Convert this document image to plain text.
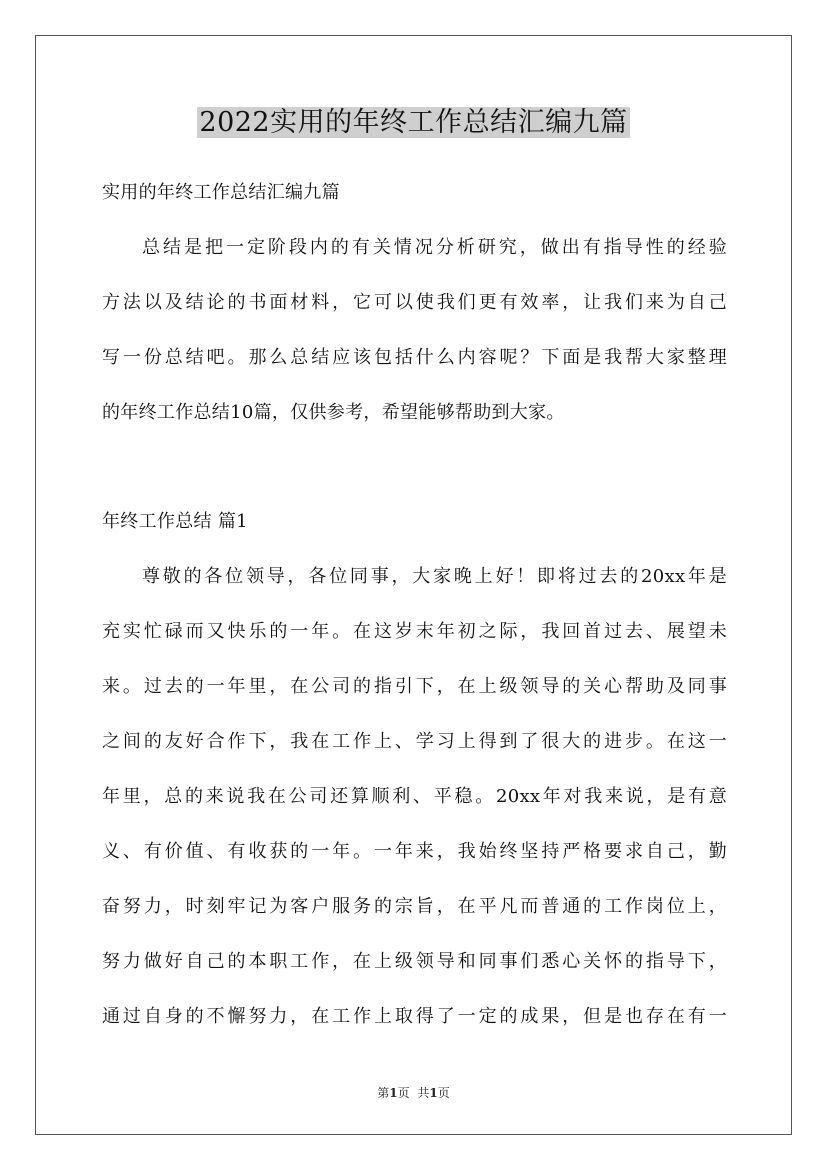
2022实用的年终工作总结汇编九篇
实用的年终工作总结汇编九篇
总结是把一定阶段内的有关情况分析研究，做出有指导性的经验
方法以及结论的书面材料，它可以使我们更有效率，让我们来为自己
写一份总结吧。那么总结应该包括什么内容呢？下面是我帮大家整理
的年终工作总结10篇，仅供参考，希望能够帮助到大家。
年终工作总结 篇1
尊敬的各位领导，各位同事，大家晚上好！即将过去的20xx年是
充实忙碌而又快乐的一年。在这岁末年初之际，我回首过去、展望未
来。过去的一年里，在公司的指引下，在上级领导的关心帮助及同事
之间的友好合作下，我在工作上、学习上得到了很大的进步。在这一
年里，总的来说我在公司还算顺利、平稳。20xx年对我来说，是有意
义、有价值、有收获的一年。一年来，我始终坚持严格要求自己，勤
奋努力，时刻牢记为客户服务的宗旨，在平凡而普通的工作岗位上，
努力做好自己的本职工作，在上级领导和同事们悉心关怀的指导下，
通过自身的不懈努力，在工作上取得了一定的成果，但是也存在有一
第1页 共1页
